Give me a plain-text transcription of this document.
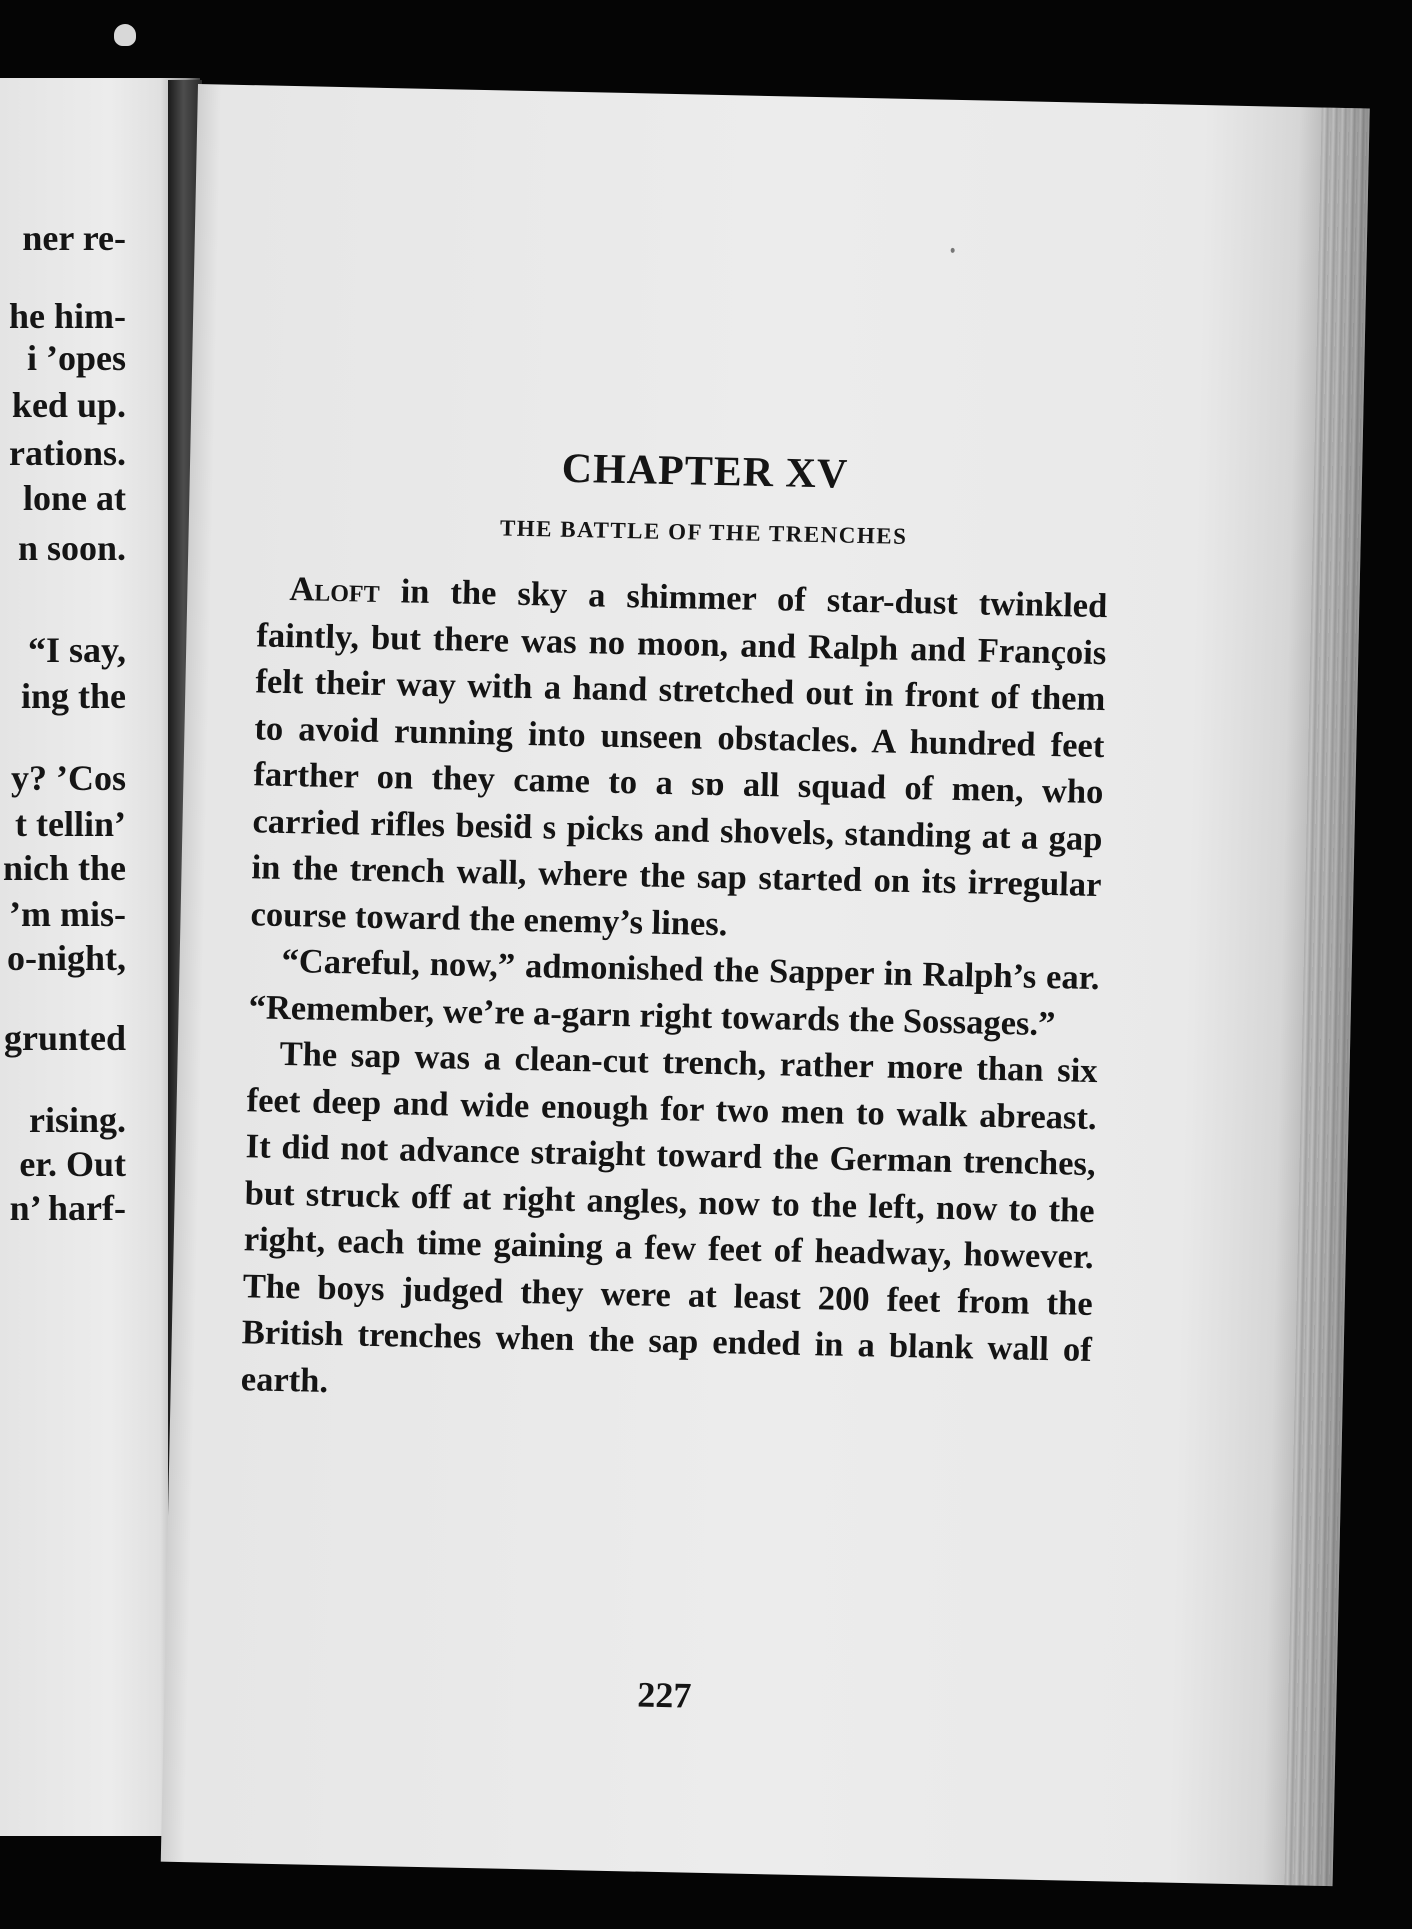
ner re-
he him-
i ’opes
ked up.
rations.
lone at
n soon.
“I say,
ing the
y? ’Cos
t tellin’
nich the
’m mis-
o-night,
grunted
rising.
er. Out
n’ harf-
CHAPTER XV
THE BATTLE OF THE TRENCHES

Aloft in the sky a shimmer of star-dust twinkled faintly, but there was no moon, and Ralph and François felt their way with a hand stretched out in front of them to avoid running into unseen obstacles. A hundred feet farther on they came to a sɒ all squad of men, who carried rifles besiḋ s picks and shovels, standing at a gap in the trench wall, where the sap started on its irregular course toward the enemy’s lines.

“Careful, now,” admonished the Sapper in Ralph’s ear. “Remember, we’re a-garn right towards the Sossages.”

The sap was a clean-cut trench, rather more than six feet deep and wide enough for two men to walk abreast. It did not advance straight toward the German trenches, but struck off at right angles, now to the left, now to the right, each time gaining a few feet of headway, however. The boys judged they were at least 200 feet from the British trenches when the sap ended in a blank wall of earth.

227
